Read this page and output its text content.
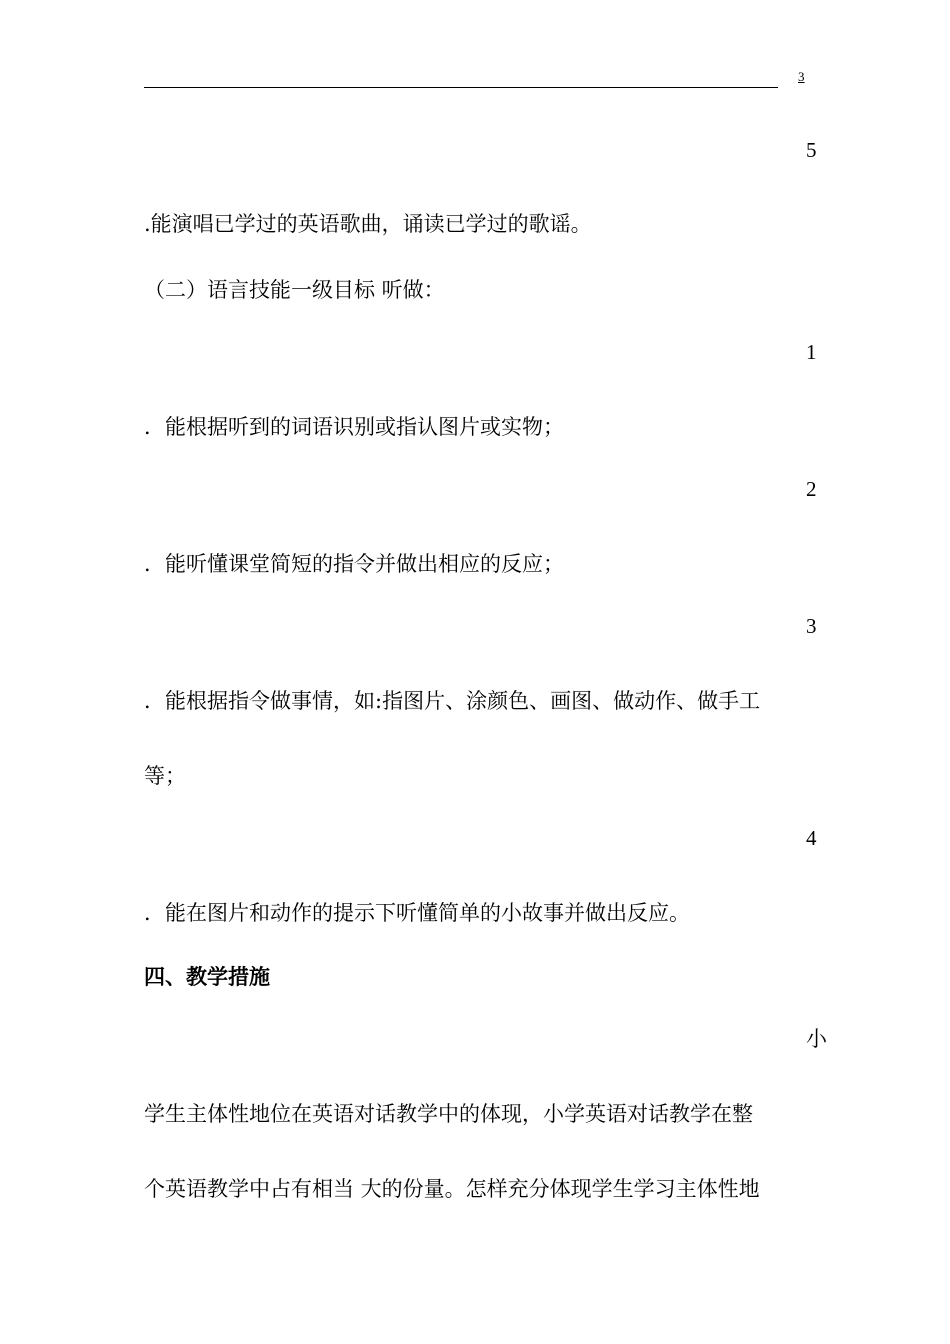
3
5
.能演唱已学过的英语歌曲，诵读已学过的歌谣。
（二）语言技能一级目标 听做：
1
．能根据听到的词语识别或指认图片或实物；
2
．能听懂课堂简短的指令并做出相应的反应；
3
．能根据指令做事情，如:指图片、涂颜色、画图、做动作、做手工
等；
4
．能在图片和动作的提示下听懂简单的小故事并做出反应。
四、教学措施
小
学生主体性地位在英语对话教学中的体现，小学英语对话教学在整
个英语教学中占有相当 大的份量。怎样充分体现学生学习主体性地
